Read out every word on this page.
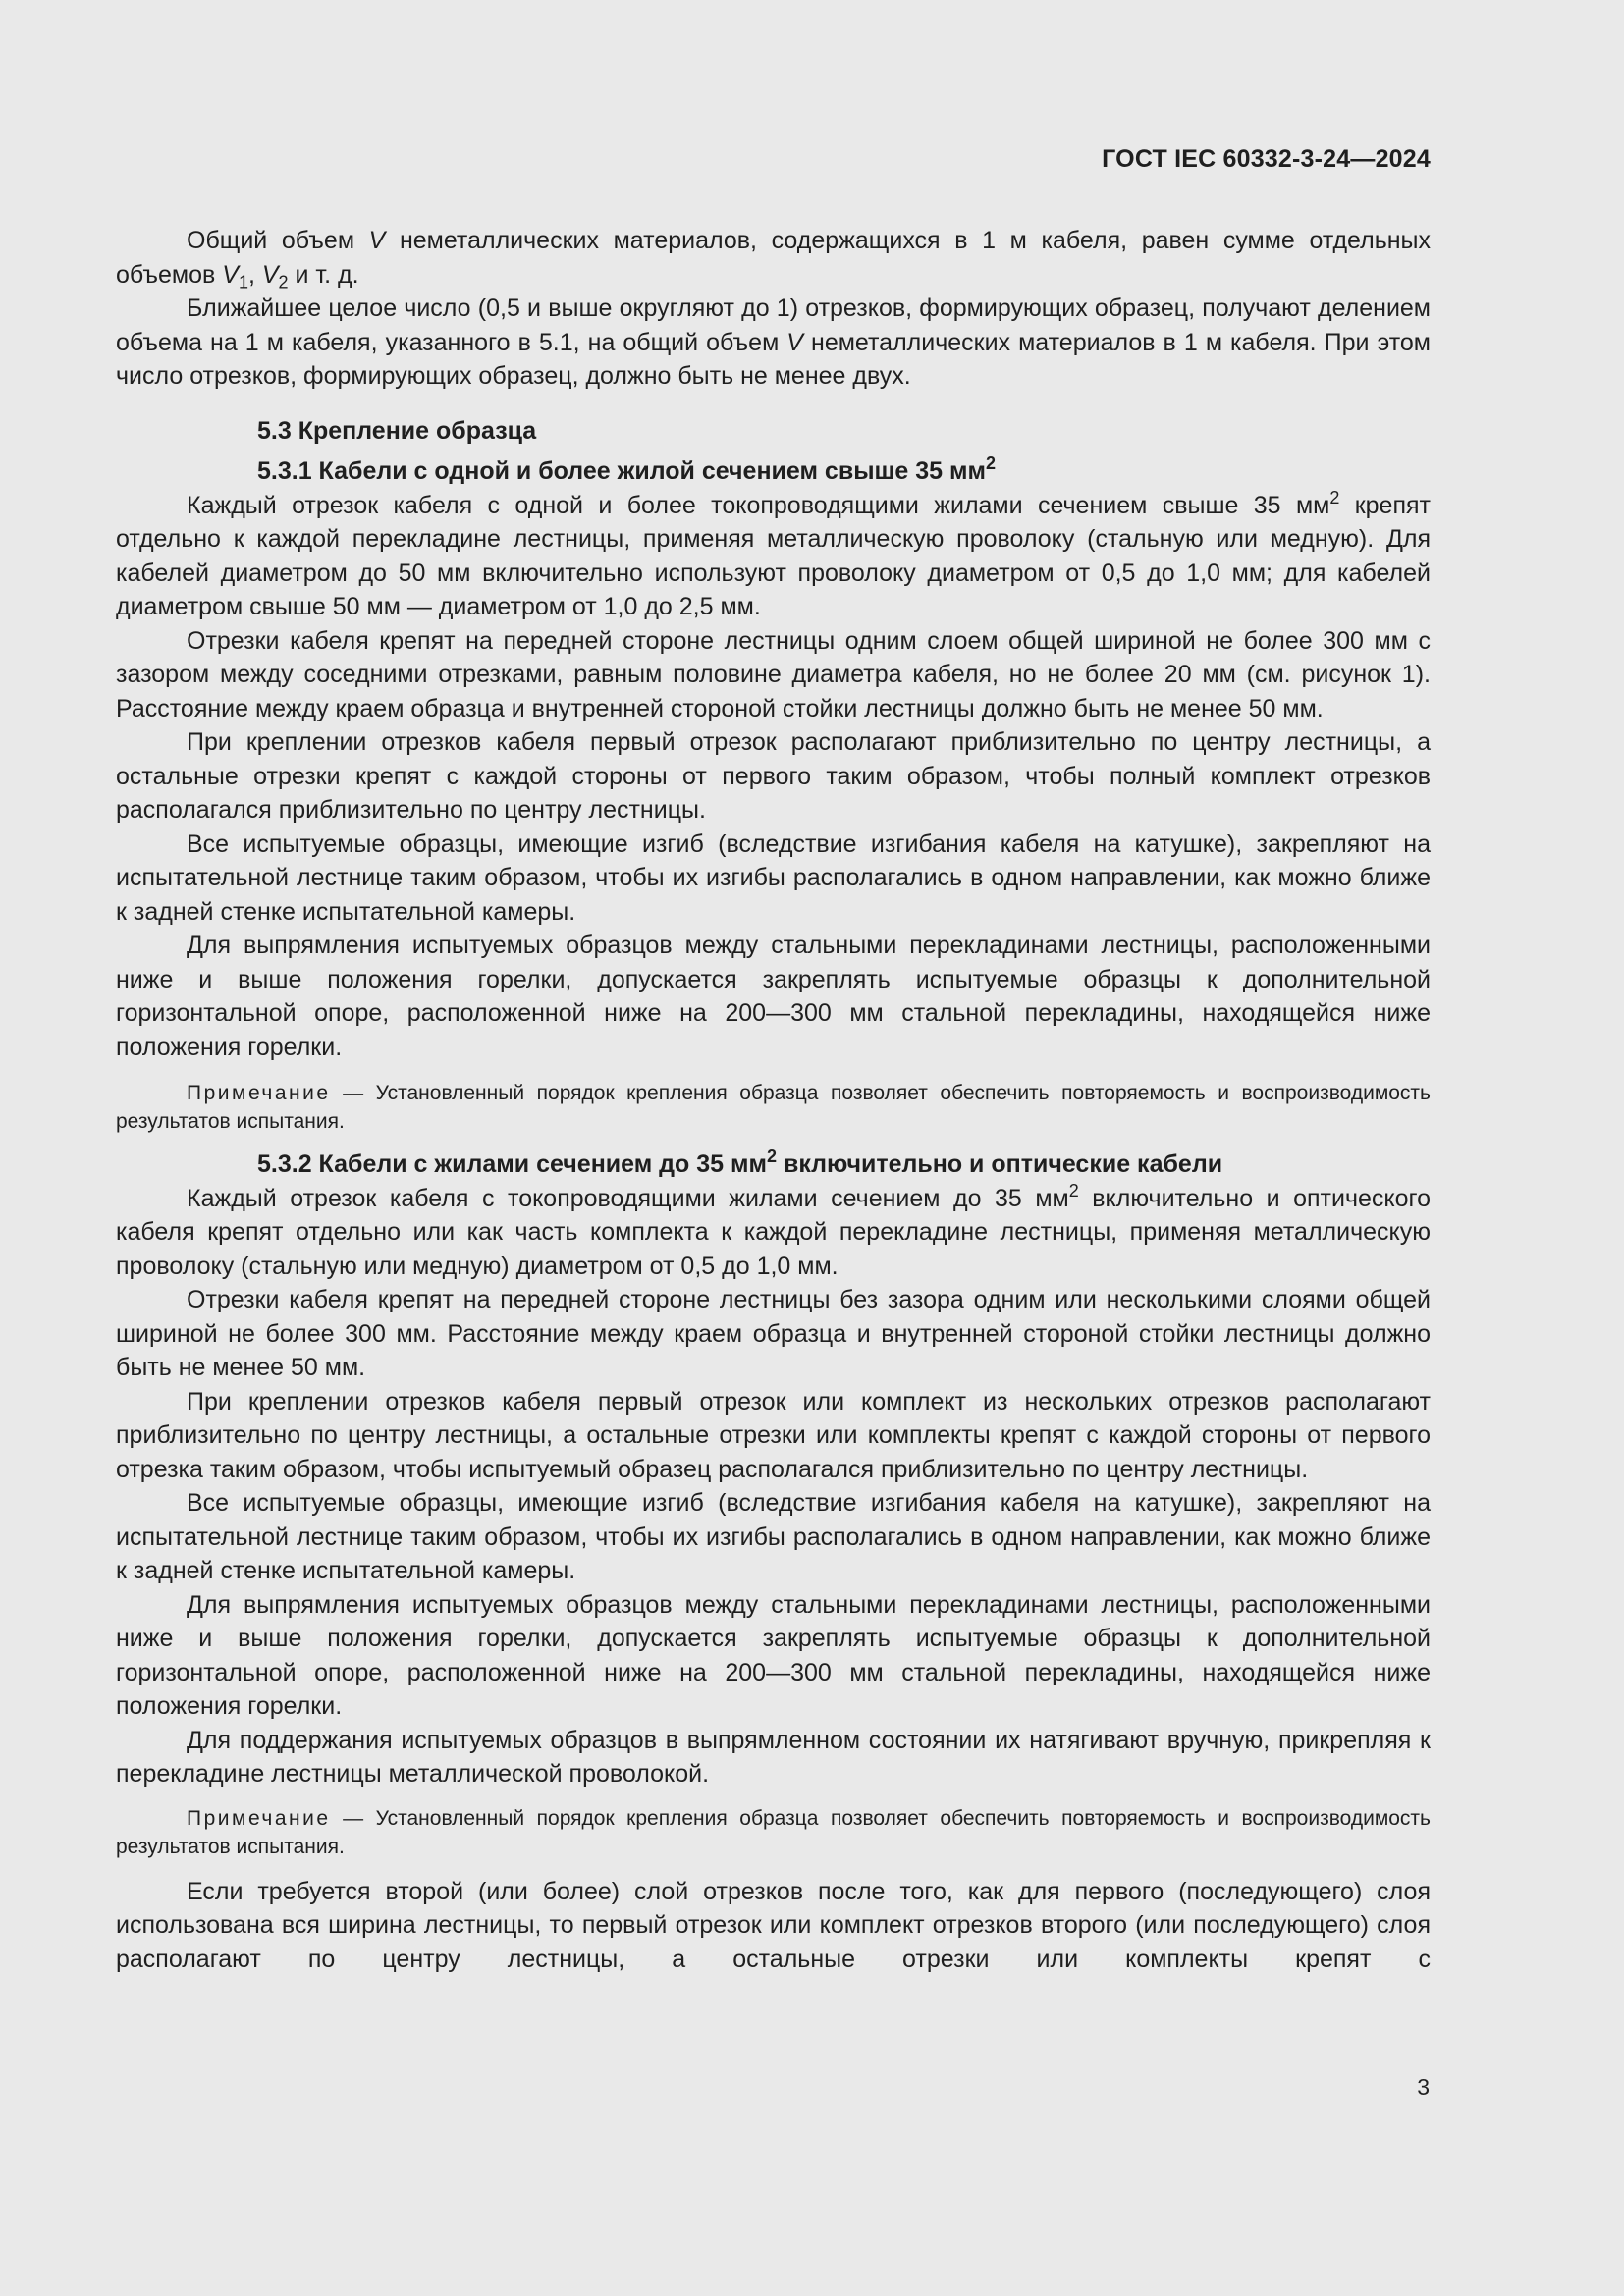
ГОСТ IEC 60332-3-24—2024

Общий объем V неметаллических материалов, содержащихся в 1 м кабеля, равен сумме отдельных объемов $V_1$, $V_2$ и т. д.

Ближайшее целое число (0,5 и выше округляют до 1) отрезков, формирующих образец, получают делением объема на 1 м кабеля, указанного в 5.1, на общий объем V неметаллических материалов в 1 м кабеля. При этом число отрезков, формирующих образец, должно быть не менее двух.

5.3 Крепление образца

5.3.1 Кабели с одной и более жилой сечением свыше 35 $мм^2$

Каждый отрезок кабеля с одной и более токопроводящими жилами сечением свыше 35 $мм^2$ крепят отдельно к каждой перекладине лестницы, применяя металлическую проволоку (стальную или медную). Для кабелей диаметром до 50 мм включительно используют проволоку диаметром от 0,5 до 1,0 мм; для кабелей диаметром свыше 50 мм — диаметром от 1,0 до 2,5 мм.

Отрезки кабеля крепят на передней стороне лестницы одним слоем общей шириной не более 300 мм с зазором между соседними отрезками, равным половине диаметра кабеля, но не более 20 мм (см. рисунок 1). Расстояние между краем образца и внутренней стороной стойки лестницы должно быть не менее 50 мм.

При креплении отрезков кабеля первый отрезок располагают приблизительно по центру лестницы, а остальные отрезки крепят с каждой стороны от первого таким образом, чтобы полный комплект отрезков располагался приблизительно по центру лестницы.

Все испытуемые образцы, имеющие изгиб (вследствие изгибания кабеля на катушке), закрепляют на испытательной лестнице таким образом, чтобы их изгибы располагались в одном направлении, как можно ближе к задней стенке испытательной камеры.

Для выпрямления испытуемых образцов между стальными перекладинами лестницы, расположенными ниже и выше положения горелки, допускается закреплять испытуемые образцы к дополнительной горизонтальной опоре, расположенной ниже на 200—300 мм стальной перекладины, находящейся ниже положения горелки.

Примечание — Установленный порядок крепления образца позволяет обеспечить повторяемость и воспроизводимость результатов испытания.

5.3.2 Кабели с жилами сечением до 35 $мм^2$ включительно и оптические кабели

Каждый отрезок кабеля с токопроводящими жилами сечением до 35 $мм^2$ включительно и оптического кабеля крепят отдельно или как часть комплекта к каждой перекладине лестницы, применяя металлическую проволоку (стальную или медную) диаметром от 0,5 до 1,0 мм.

Отрезки кабеля крепят на передней стороне лестницы без зазора одним или несколькими слоями общей шириной не более 300 мм. Расстояние между краем образца и внутренней стороной стойки лестницы должно быть не менее 50 мм.

При креплении отрезков кабеля первый отрезок или комплект из нескольких отрезков располагают приблизительно по центру лестницы, а остальные отрезки или комплекты крепят с каждой стороны от первого отрезка таким образом, чтобы испытуемый образец располагался приблизительно по центру лестницы.

Все испытуемые образцы, имеющие изгиб (вследствие изгибания кабеля на катушке), закрепляют на испытательной лестнице таким образом, чтобы их изгибы располагались в одном направлении, как можно ближе к задней стенке испытательной камеры.

Для выпрямления испытуемых образцов между стальными перекладинами лестницы, расположенными ниже и выше положения горелки, допускается закреплять испытуемые образцы к дополнительной горизонтальной опоре, расположенной ниже на 200—300 мм стальной перекладины, находящейся ниже положения горелки.

Для поддержания испытуемых образцов в выпрямленном состоянии их натягивают вручную, прикрепляя к перекладине лестницы металлической проволокой.

Примечание — Установленный порядок крепления образца позволяет обеспечить повторяемость и воспроизводимость результатов испытания.

Если требуется второй (или более) слой отрезков после того, как для первого (последующего) слоя использована вся ширина лестницы, то первый отрезок или комплект отрезков второго (или последующего) слоя располагают по центру лестницы, а остальные отрезки или комплекты крепят с

3
